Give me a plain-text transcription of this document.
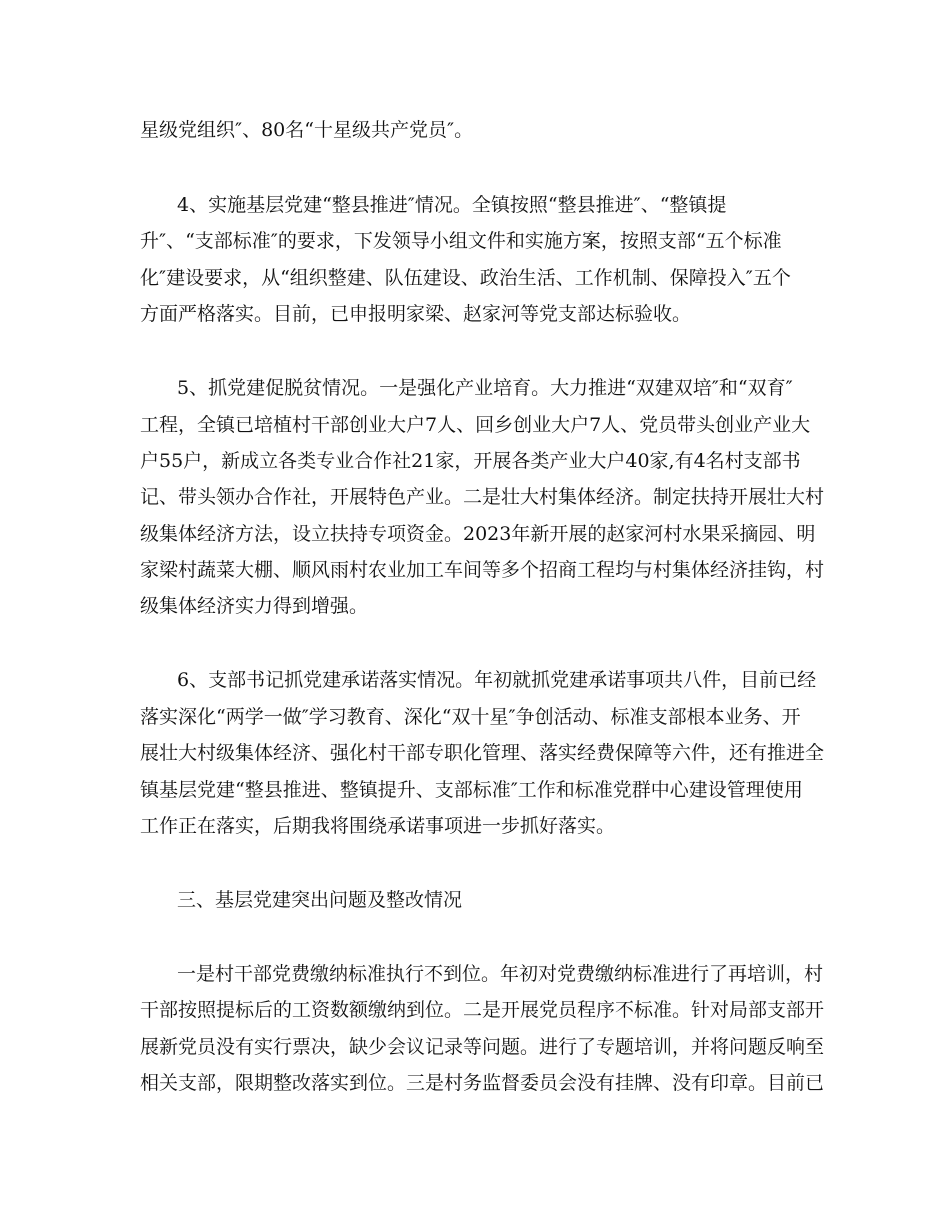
星级党组织″、80名“十星级共产党员″。
4、实施基层党建“整县推进″情况。全镇按照“整县推进″、“整镇提
升″、“支部标准″的要求，下发领导小组文件和实施方案，按照支部“五个标准
化″建设要求，从“组织整建、队伍建设、政治生活、工作机制、保障投入″五个
方面严格落实。目前，已申报明家梁、赵家河等党支部达标验收。
5、抓党建促脱贫情况。一是强化产业培育。大力推进“双建双培″和“双育″
工程，全镇已培植村干部创业大户7人、回乡创业大户7人、党员带头创业产业大
户55户，新成立各类专业合作社21家，开展各类产业大户40家,有4名村支部书
记、带头领办合作社，开展特色产业。二是壮大村集体经济。制定扶持开展壮大村
级集体经济方法，设立扶持专项资金。2023年新开展的赵家河村水果采摘园、明
家梁村蔬菜大棚、顺风雨村农业加工车间等多个招商工程均与村集体经济挂钩，村
级集体经济实力得到增强。
6、支部书记抓党建承诺落实情况。年初就抓党建承诺事项共八件，目前已经
落实深化“两学一做″学习教育、深化“双十星″争创活动、标准支部根本业务、开
展壮大村级集体经济、强化村干部专职化管理、落实经费保障等六件，还有推进全
镇基层党建“整县推进、整镇提升、支部标准″工作和标准党群中心建设管理使用
工作正在落实，后期我将围绕承诺事项进一步抓好落实。
三、基层党建突出问题及整改情况
一是村干部党费缴纳标准执行不到位。年初对党费缴纳标准进行了再培训，村
干部按照提标后的工资数额缴纳到位。二是开展党员程序不标准。针对局部支部开
展新党员没有实行票决，缺少会议记录等问题。进行了专题培训，并将问题反响至
相关支部，限期整改落实到位。三是村务监督委员会没有挂牌、没有印章。目前已
